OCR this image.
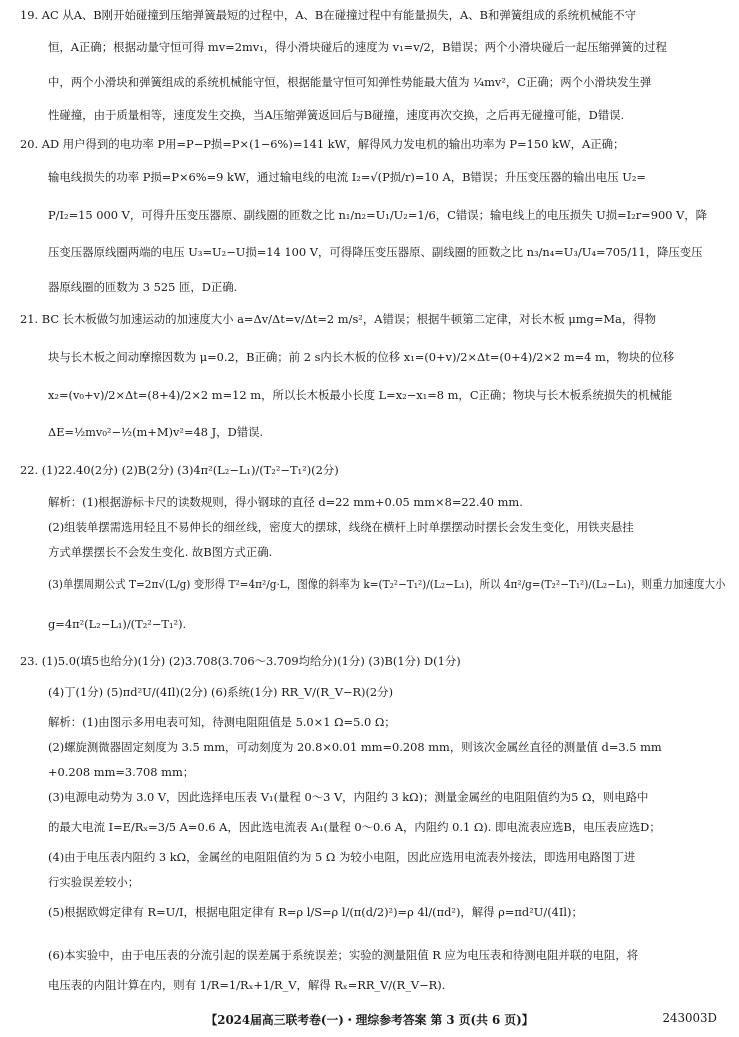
19. AC 从A、B刚开始碰撞到压缩弹簧最短的过程中，A、B在碰撞过程中有能量损失，A、B和弹簧组成的系统机械能不守
恒，A正确；根据动量守恒可得 mv=2mv₁，得小滑块碰后的速度为 v₁=v/2，B错误；两个小滑块碰后一起压缩弹簧的过程
中，两个小滑块和弹簧组成的系统机械能守恒，根据能量守恒可知弹性势能最大值为 ¼mv²，C正确；两个小滑块发生弹
性碰撞，由于质量相等，速度发生交换，当A压缩弹簧返回后与B碰撞，速度再次交换，之后再无碰撞可能，D错误.
20. AD 用户得到的电功率 P用=P−P损=P×(1−6%)=141 kW，解得风力发电机的输出功率为 P=150 kW，A正确；
输电线损失的功率 P损=P×6%=9 kW，通过输电线的电流 I₂=√(P损/r)=10 A，B错误；升压变压器的输出电压 U₂=
P/I₂=15 000 V，可得升压变压器原、副线圈的匝数之比 n₁/n₂=U₁/U₂=1/6，C错误；输电线上的电压损失 U损=I₂r=900 V，降
压变压器原线圈两端的电压 U₃=U₂−U损=14 100 V，可得降压变压器原、副线圈的匝数之比 n₃/n₄=U₃/U₄=705/11，降压变压
器原线圈的匝数为 3 525 匝，D正确.
21. BC 长木板做匀加速运动的加速度大小 a=Δv/Δt=v/Δt=2 m/s²，A错误；根据牛顿第二定律，对长木板 μmg=Ma，得物
块与长木板之间动摩擦因数为 μ=0.2，B正确；前 2 s内长木板的位移 x₁=(0+v)/2×Δt=(0+4)/2×2 m=4 m，物块的位移
x₂=(v₀+v)/2×Δt=(8+4)/2×2 m=12 m，所以长木板最小长度 L=x₂−x₁=8 m，C正确；物块与长木板系统损失的机械能
ΔE=½mv₀²−½(m+M)v²=48 J，D错误.
22. (1)22.40(2分) (2)B(2分) (3)4π²(L₂−L₁)/(T₂²−T₁²)(2分)
解析：(1)根据游标卡尺的读数规则，得小钢球的直径 d=22 mm+0.05 mm×8=22.40 mm.
(2)组装单摆需选用轻且不易伸长的细丝线，密度大的摆球，线绕在横杆上时单摆摆动时摆长会发生变化，用铁夹悬挂
方式单摆摆长不会发生变化. 故B图方式正确.
(3)单摆周期公式 T=2π√(L/g) 变形得 T²=4π²/g·L，图像的斜率为 k=(T₂²−T₁²)/(L₂−L₁)，所以 4π²/g=(T₂²−T₁²)/(L₂−L₁)，则重力加速度大小
g=4π²(L₂−L₁)/(T₂²−T₁²).
23. (1)5.0(填5也给分)(1分) (2)3.708(3.706～3.709均给分)(1分) (3)B(1分) D(1分)
(4)丁(1分) (5)πd²U/(4Il)(2分) (6)系统(1分) RR_V/(R_V−R)(2分)
解析：(1)由图示多用电表可知，待测电阻阻值是 5.0×1 Ω=5.0 Ω；
(2)螺旋测微器固定刻度为 3.5 mm，可动刻度为 20.8×0.01 mm=0.208 mm，则该次金属丝直径的测量值 d=3.5 mm
+0.208 mm=3.708 mm；
(3)电源电动势为 3.0 V，因此选择电压表 V₁(量程 0～3 V，内阻约 3 kΩ)；测量金属丝的电阻阻值约为5 Ω，则电路中
的最大电流 I=E/Rₓ=3/5 A=0.6 A，因此选电流表 A₁(量程 0～0.6 A，内阻约 0.1 Ω). 即电流表应选B，电压表应选D；
(4)由于电压表内阻约 3 kΩ，金属丝的电阻阻值约为 5 Ω 为较小电阻，因此应选用电流表外接法，即选用电路图丁进
行实验误差较小；
(5)根据欧姆定律有 R=U/I，根据电阻定律有 R=ρ l/S=ρ l/(π(d/2)²)=ρ 4l/(πd²)，解得 ρ=πd²U/(4Il)；
(6)本实验中，由于电压表的分流引起的误差属于系统误差；实验的测量阻值 R 应为电压表和待测电阻并联的电阻，将
电压表的内阻计算在内，则有 1/R=1/Rₓ+1/R_V，解得 Rₓ=RR_V/(R_V−R).
【2024届高三联考卷(一)・理综参考答案 第 3 页(共 6 页)】	243003D
